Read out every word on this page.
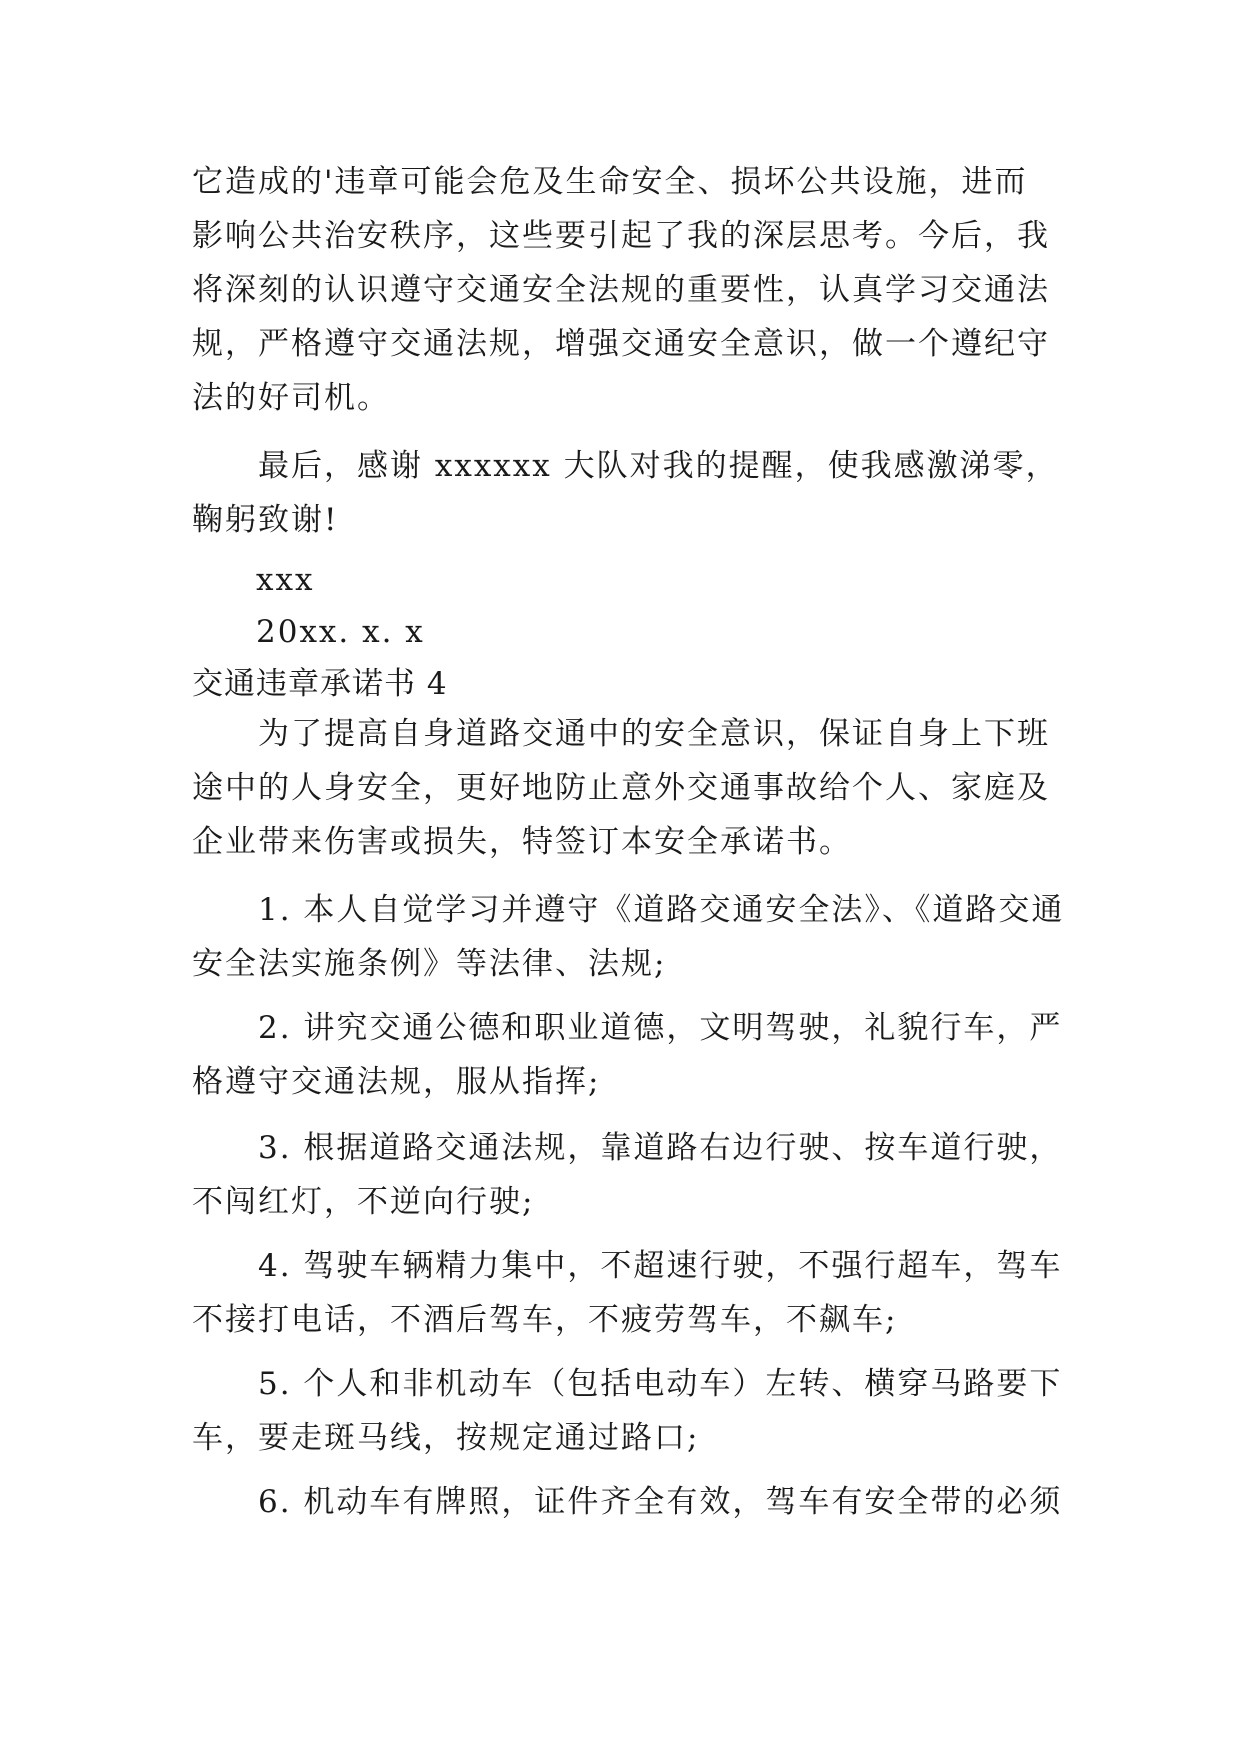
它造成的'违章可能会危及生命安全、损坏公共设施，进而
影响公共治安秩序，这些要引起了我的深层思考。今后，我
将深刻的认识遵守交通安全法规的重要性，认真学习交通法
规，严格遵守交通法规，增强交通安全意识，做一个遵纪守
法的好司机。
最后，感谢 xxxxxx 大队对我的提醒，使我感激涕零，
鞠躬致谢!
xxx
20xx. x. x
交通违章承诺书 4
为了提高自身道路交通中的安全意识，保证自身上下班
途中的人身安全，更好地防止意外交通事故给个人、家庭及
企业带来伤害或损失，特签订本安全承诺书。
1. 本人自觉学习并遵守《道路交通安全法》、《道路交通
安全法实施条例》等法律、法规;
2. 讲究交通公德和职业道德，文明驾驶，礼貌行车，严
格遵守交通法规，服从指挥;
3. 根据道路交通法规，靠道路右边行驶、按车道行驶，
不闯红灯，不逆向行驶;
4. 驾驶车辆精力集中，不超速行驶，不强行超车，驾车
不接打电话，不酒后驾车，不疲劳驾车，不飙车;
5. 个人和非机动车（包括电动车）左转、横穿马路要下
车，要走斑马线，按规定通过路口;
6. 机动车有牌照，证件齐全有效，驾车有安全带的必须
